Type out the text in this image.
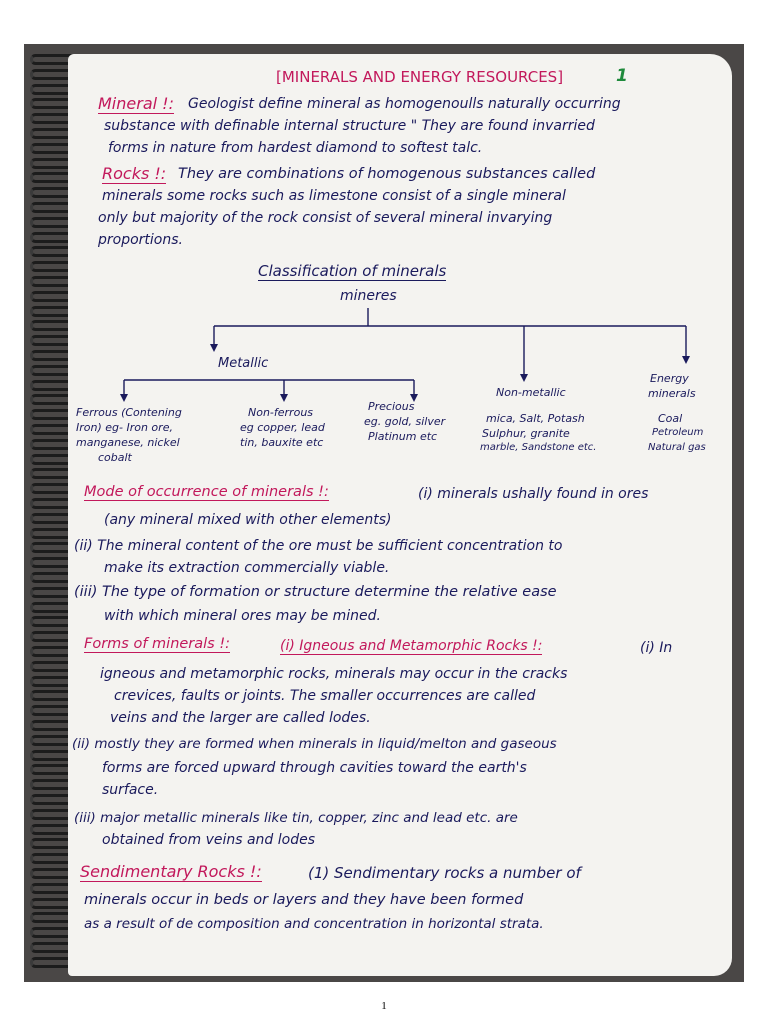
[MINERALS AND ENERGY RESOURCES]	1
Mineral !: Geologist define mineral as homogenoulls naturally occurring
substance with definable internal structure " They are found invarried
forms in nature from hardest diamond to softest talc.
Rocks !: They are combinations of homogenous substances called
minerals some rocks such as limestone consist of a single mineral
only but majority of the rock consist of several mineral invarying
proportions.
Classification of minerals
mineres
Metallic
Ferrous (Contening
Iron) eg- Iron ore,
manganese, nickel
cobalt
Non-ferrous
eg copper, lead
tin, bauxite etc
Precious
eg. gold, silver
Platinum etc
Non-metallic
mica, Salt, Potash
Sulphur, granite
marble, Sandstone etc.
Energy
minerals
Coal
Petroleum
Natural gas
Mode of occurrence of minerals !:	(i) minerals ushally found in ores
(any mineral mixed with other elements)
(ii) The mineral content of the ore must be sufficient concentration to
make its extraction commercially viable.
(iii) The type of formation or structure determine the relative ease
with which mineral ores may be mined.
Forms of minerals !:	(i) Igneous and Metamorphic Rocks !:	(i) In
igneous and metamorphic rocks, minerals may occur in the cracks
crevices, faults or joints. The smaller occurrences are called
veins and the larger are called lodes.
(ii) mostly they are formed when minerals in liquid/melton and gaseous
forms are forced upward through cavities toward the earth's
surface.
(iii) major metallic minerals like tin, copper, zinc and lead etc. are
obtained from veins and lodes
Sendimentary Rocks !:	(1) Sendimentary rocks a number of
minerals occur in beds or layers and they have been formed
as a result of de composition and concentration in horizontal strata.
1
